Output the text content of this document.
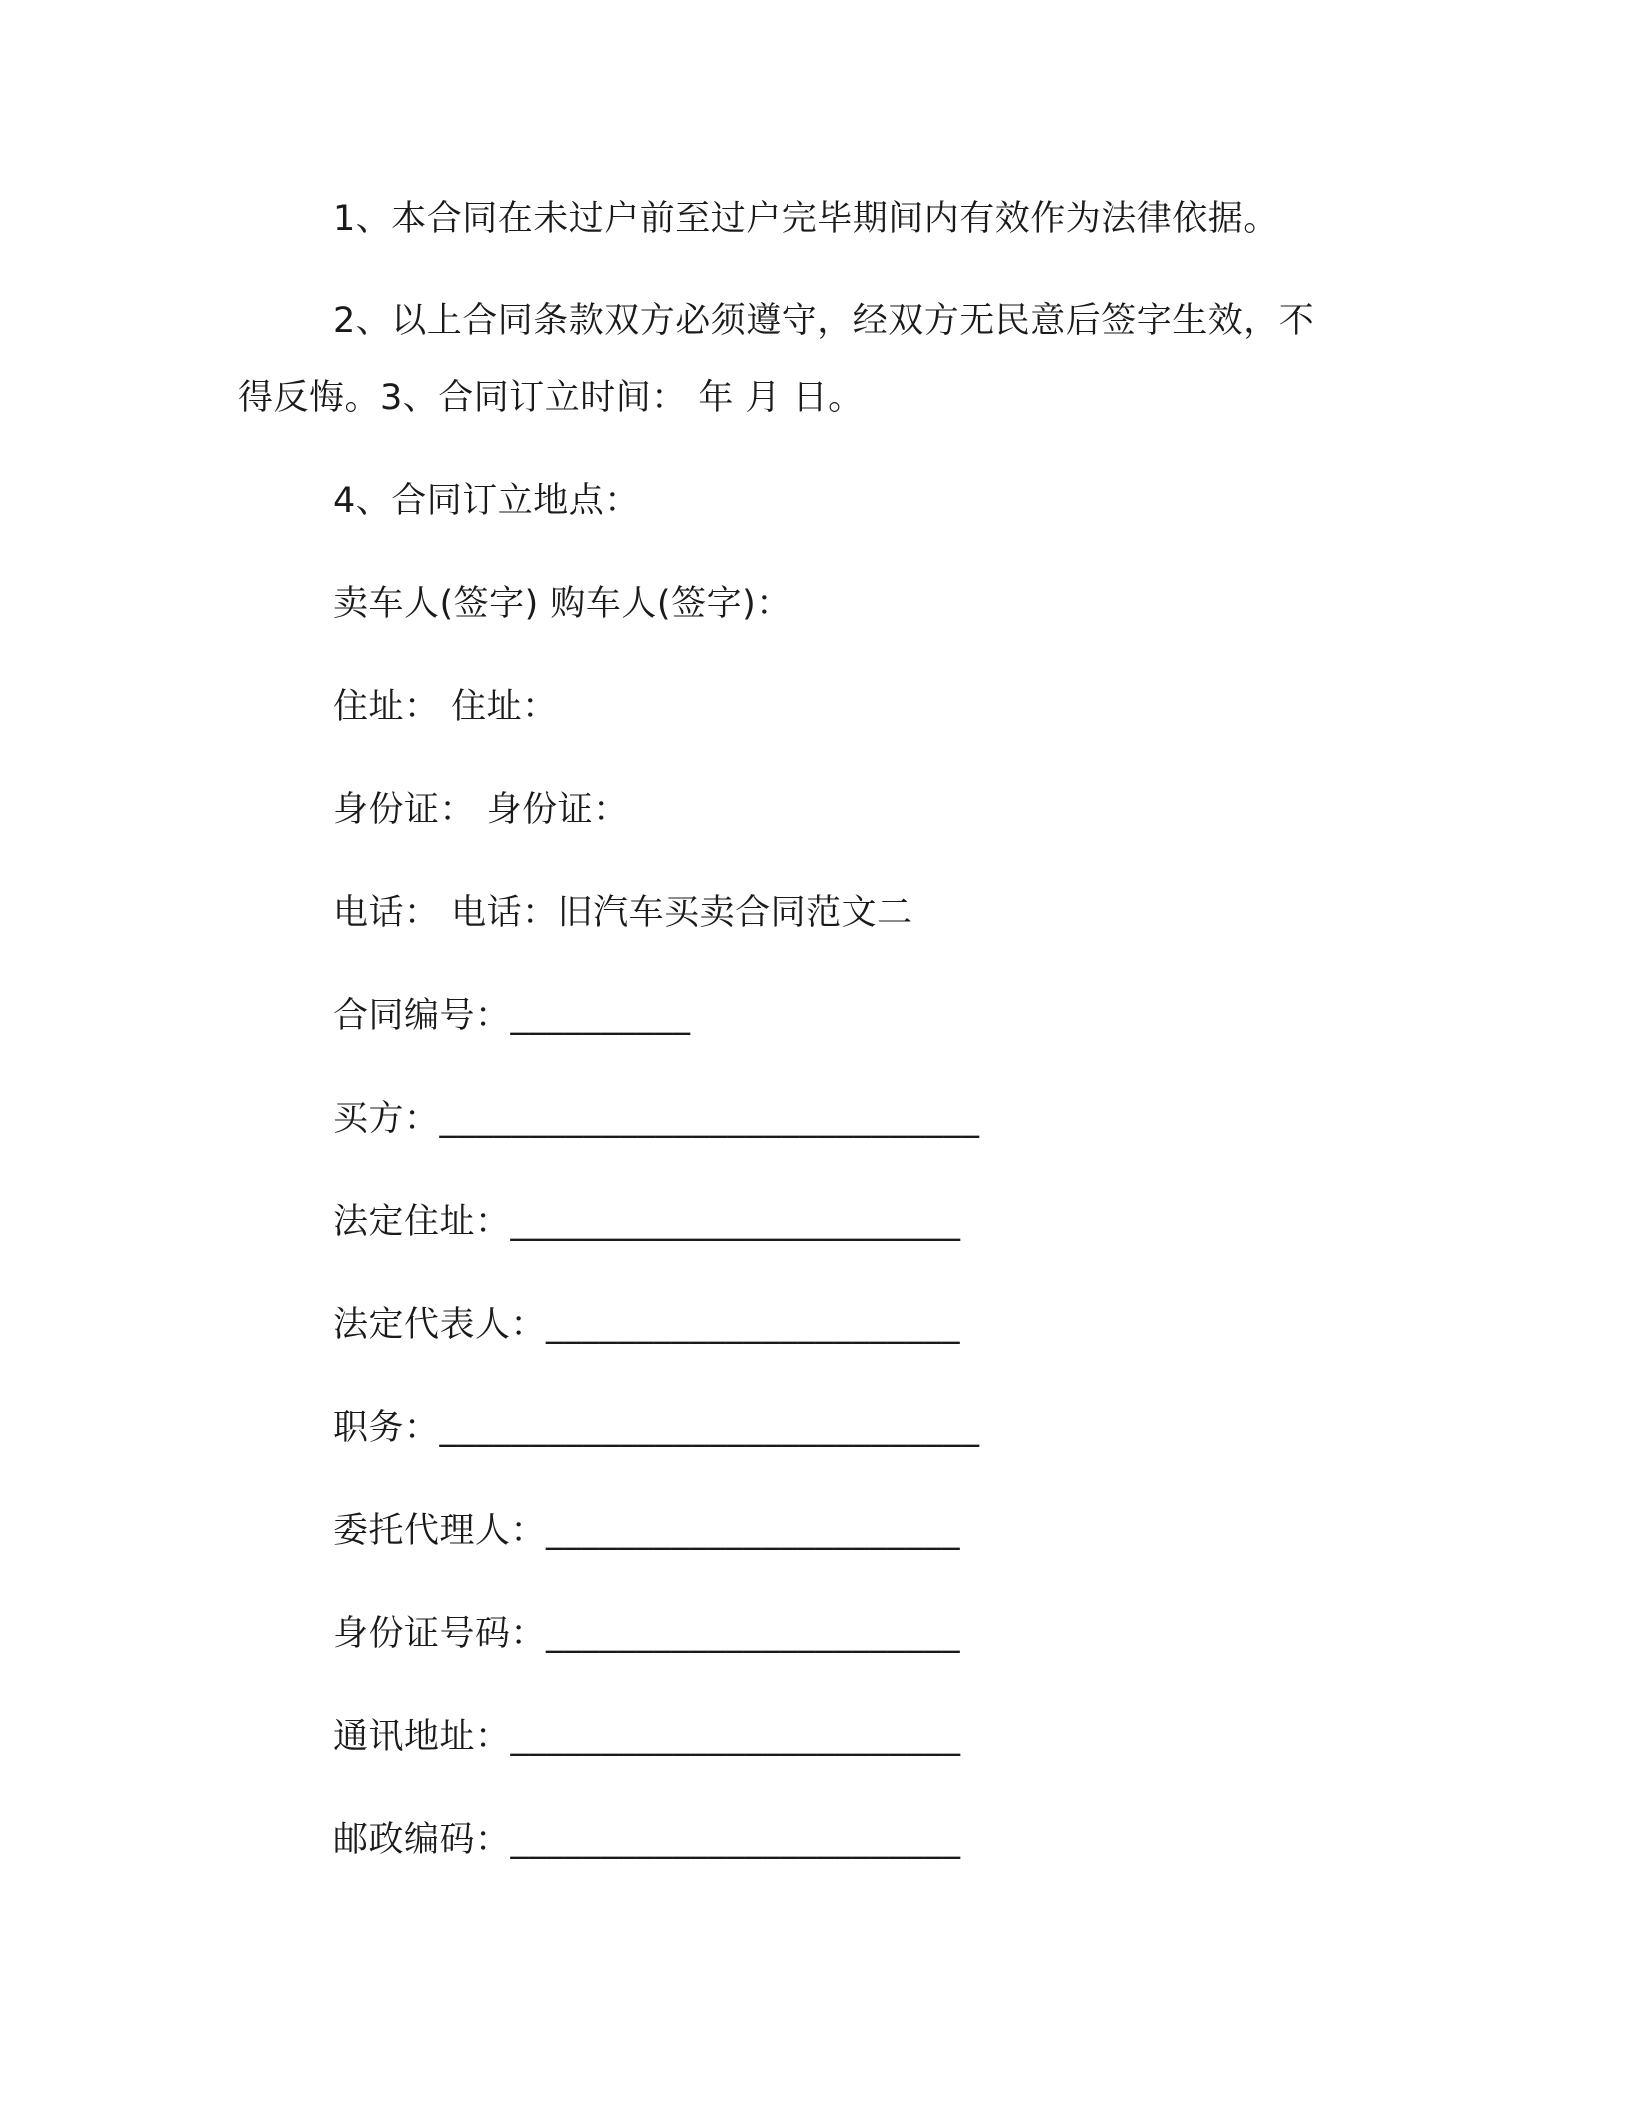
1、本合同在未过户前至过户完毕期间内有效作为法律依据。
2、以上合同条款双方必须遵守，经双方无民意后签字生效，不
得反悔。3、合同订立时间： 年 月 日。
4、合同订立地点：
卖车人(签字) 购车人(签字)：
住址： 住址：
身份证： 身份证：
电话： 电话：旧汽车买卖合同范文二
合同编号：__________
买方：______________________________
法定住址：_________________________
法定代表人：_______________________
职务：______________________________
委托代理人：_______________________
身份证号码：_______________________
通讯地址：_________________________
邮政编码：_________________________
